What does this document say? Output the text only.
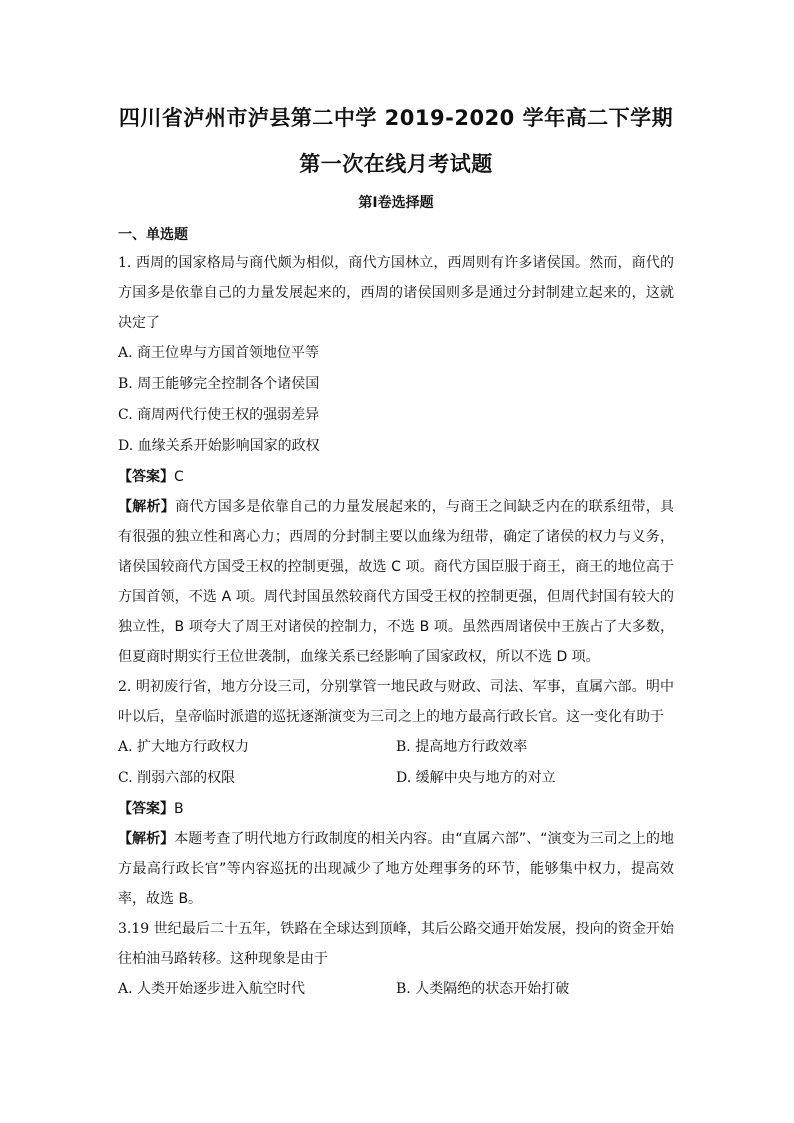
四川省泸州市泸县第二中学 2019-2020 学年高二下学期
第一次在线月考试题
第Ⅰ卷选择题
一、单选题

1. 西周的国家格局与商代颇为相似，商代方国林立，西周则有许多诸侯国。然而，商代的方国多是依靠自己的力量发展起来的，西周的诸侯国则多是通过分封制建立起来的，这就决定了

A. 商王位卑与方国首领地位平等

B. 周王能够完全控制各个诸侯国

C. 商周两代行使王权的强弱差异

D. 血缘关系开始影响国家的政权

【答案】C

【解析】商代方国多是依靠自己的力量发展起来的，与商王之间缺乏内在的联系纽带，具有很强的独立性和离心力；西周的分封制主要以血缘为纽带，确定了诸侯的权力与义务，诸侯国较商代方国受王权的控制更强，故选 C 项。商代方国臣服于商王，商王的地位高于方国首领，不选 A 项。周代封国虽然较商代方国受王权的控制更强，但周代封国有较大的独立性，B 项夸大了周王对诸侯的控制力，不选 B 项。虽然西周诸侯中王族占了大多数，但夏商时期实行王位世袭制，血缘关系已经影响了国家政权，所以不选 D 项。

2. 明初废行省，地方分设三司，分别掌管一地民政与财政、司法、军事，直属六部。明中叶以后，皇帝临时派遣的巡抚逐渐演变为三司之上的地方最高行政长官。这一变化有助于

A. 扩大地方行政权力	B. 提高地方行政效率
C. 削弱六部的权限	D. 缓解中央与地方的对立

【答案】B

【解析】本题考查了明代地方行政制度的相关内容。由“直属六部”、“演变为三司之上的地方最高行政长官”等内容巡抚的出现减少了地方处理事务的环节，能够集中权力，提高效率，故选 B。

3.19 世纪最后二十五年，铁路在全球达到顶峰，其后公路交通开始发展，投向的资金开始往柏油马路转移。这种现象是由于

A. 人类开始逐步进入航空时代	B. 人类隔绝的状态开始打破
